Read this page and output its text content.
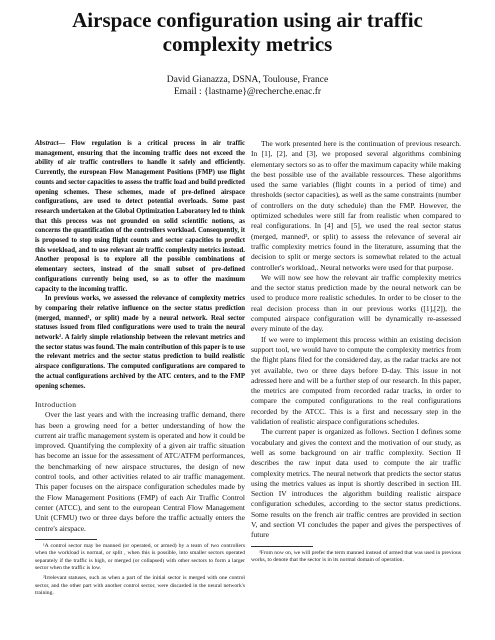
Airspace configuration using air traffic complexity metrics
David Gianazza, DSNA, Toulouse, France
Email : {lastname}@recherche.enac.fr

Abstract— Flow regulation is a critical process in air traffic management, ensuring that the incoming traffic does not exceed the ability of air traffic controllers to handle it safely and efficiently. Currently, the european Flow Management Positions (FMP) use flight counts and sector capacities to assess the traffic load and build predicted opening schemes. These schemes, made of pre-defined airspace configurations, are used to detect potential overloads. Some past research undertaken at the Global Optimization Laboratory led to think that this process was not grounded on solid scientific notions, as concerns the quantification of the controllers workload. Consequently, it is proposed to stop using flight counts and sector capacities to predict this workload, and to use relevant air traffic complexity metrics instead. Another proposal is to explore all the possible combinations of elementary sectors, instead of the small subset of pre-defined configurations currently being used, so as to offer the maximum capacity to the incoming traffic.

In previous works, we assessed the relevance of complexity metrics by comparing their relative influence on the sector status prediction (merged, manned¹, or split) made by a neural network. Real sector statuses issued from filed configurations were used to train the neural network². A fairly simple relationship between the relevant metrics and the sector status was found. The main contribution of this paper is to use the relevant metrics and the sector status prediction to build realistic airspace configurations. The computed configurations are compared to the actual configurations archived by the ATC centers, and to the FMP opening schemes.

Introduction

Over the last years and with the increasing traffic demand, there has been a growing need for a better understanding of how the current air traffic management system is operated and how it could be improved. Quantifying the complexity of a given air traffic situation has become an issue for the assessment of ATC/ATFM performances, the benchmarking of new airspace structures, the design of new control tools, and other activities related to air traffic management. This paper focuses on the airspace configuration schedules made by the Flow Management Positions (FMP) of each Air Traffic Control center (ATCC), and sent to the european Central Flow Management Unit (CFMU) two or three days before the traffic actually enters the centre's airspace.

¹A control sector may be manned (or operated, or armed) by a team of two controllers when the workload is normal, or split , when this is possible, into smaller sectors operated separately if the traffic is high, or merged (or collapsed) with other sectors to form a larger sector when the traffic is low.

²Irrelevant statuses, such as when a part of the initial sector is merged with one control sector, and the other part with another control sector, were discarded in the neural network's training.

The work presented here is the continuation of previous research. In [1], [2], and [3], we proposed several algorithms combining elementary sectors so as to offer the maximum capacity while making the best possible use of the available ressources. These algorithms used the same variables (flight counts in a period of time) and thresholds (sector capacities), as well as the same constraints (number of controllers on the duty schedule) than the FMP. However, the optimized schedules were still far from realistic when compared to real configurations. In [4] and [5], we used the real sector status (merged, manned³, or split) to assess the relevance of several air traffic complexity metrics found in the literature, assuming that the decision to split or merge sectors is somewhat related to the actual controller's workload,. Neural networks were used for that purpose.

We will now see how the relevant air traffic complexity metrics and the sector status prediction made by the neural network can be used to produce more realistic schedules. In order to be closer to the real decision process than in our previous works ([1],[2]), the computed airspace configuration will be dynamically re-assessed every minute of the day.

If we were to implement this process within an existing decision support tool, we would have to compute the complexity metrics from the flight plans filed for the considered day, as the radar tracks are not yet available, two or three days before D-day. This issue in not adressed here and will be a further step of our research. In this paper, the metrics are computed from recorded radar tracks, in order to compare the computed configurations to the real configurations recorded by the ATCC. This is a first and necessary step in the validation of realistic airspace configurations schedules.

The current paper is organized as follows. Section I defines some vocabulary and gives the context and the motivation of our study, as well as some background on air traffic complexity. Section II describes the raw input data used to compute the air traffic complexity metrics. The neural network that predicts the sector status using the metrics values as input is shortly described in section III. Section IV introduces the algorithm building realistic airspace configuration schedules, according to the sector status predictions. Some results on the french air traffic centres are provided in section V, and section VI concludes the paper and gives the perspectives of future

³From now on, we will prefer the term manned instead of armed that was used in previous works, to denote that the sector is in its normal domain of operation.
